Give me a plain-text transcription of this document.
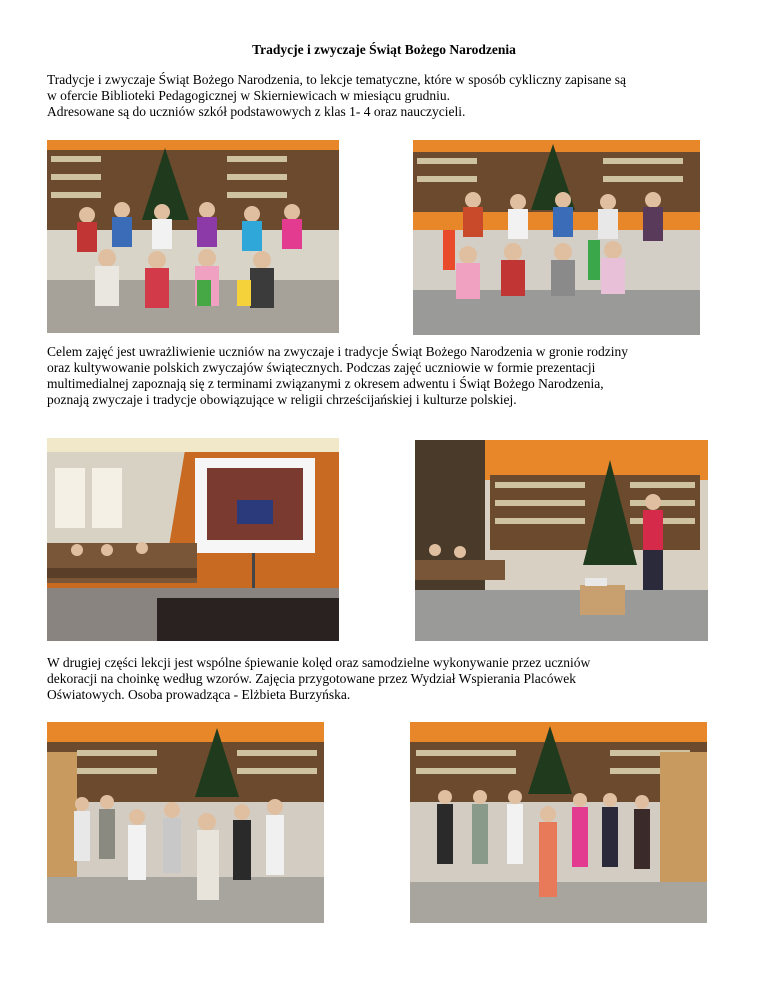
Tradycje i zwyczaje Świąt Bożego Narodzenia
Tradycje i zwyczaje Świąt Bożego Narodzenia, to lekcje tematyczne, które w sposób cykliczny zapisane są
w ofercie Biblioteki Pedagogicznej w Skierniewicach w miesiącu grudniu.
Adresowane są do uczniów szkół podstawowych z klas 1- 4 oraz nauczycieli.
Celem zajęć jest uwrażliwienie uczniów na zwyczaje i tradycje Świąt Bożego Narodzenia w gronie rodziny
oraz kultywowanie polskich zwyczajów świątecznych. Podczas zajęć uczniowie w formie prezentacji
multimedialnej zapoznają się z terminami związanymi z okresem adwentu i Świąt Bożego Narodzenia,
poznają zwyczaje i tradycje obowiązujące w religii chrześcijańskiej i kulturze polskiej.
W drugiej części lekcji jest wspólne śpiewanie kolęd oraz samodzielne wykonywanie przez uczniów
dekoracji na choinkę według wzorów. Zajęcia przygotowane przez Wydział Wspierania Placówek
Oświatowych. Osoba prowadząca - Elżbieta Burzyńska.
